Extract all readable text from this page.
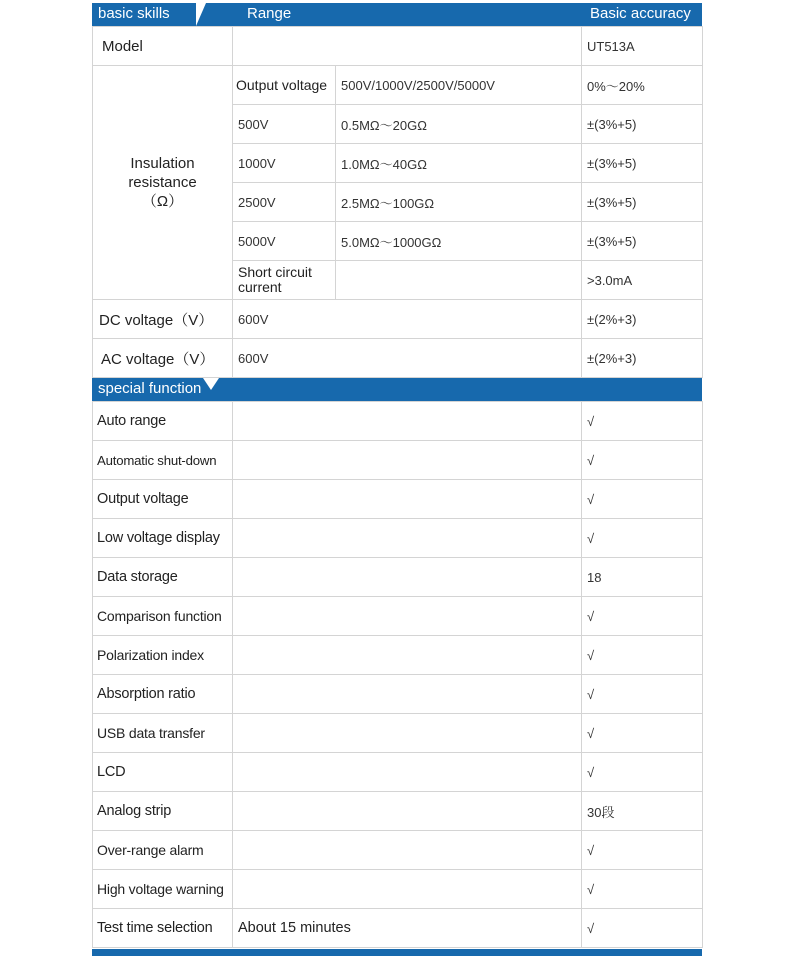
basic skills	Range	Basic accuracy
Model			UT513A
Insulation resistance（Ω）	Output voltage	500V/1000V/2500V/5000V	0%～20%
	500V	0.5MΩ～20GΩ	±(3%+5)
	1000V	1.0MΩ～40GΩ	±(3%+5)
	2500V	2.5MΩ～100GΩ	±(3%+5)
	5000V	5.0MΩ～1000GΩ	±(3%+5)
	Short circuit current		>3.0mA
DC voltage（V）	600V		±(2%+3)
AC voltage（V）	600V		±(2%+3)
special function
Auto range		√
Automatic shut-down		√
Output voltage		√
Low voltage display		√
Data storage		18
Comparison function		√
Polarization index		√
Absorption ratio		√
USB data transfer		√
LCD		√
Analog strip		30段
Over-range alarm		√
High voltage warning		√
Test time selection	About 15 minutes	√
